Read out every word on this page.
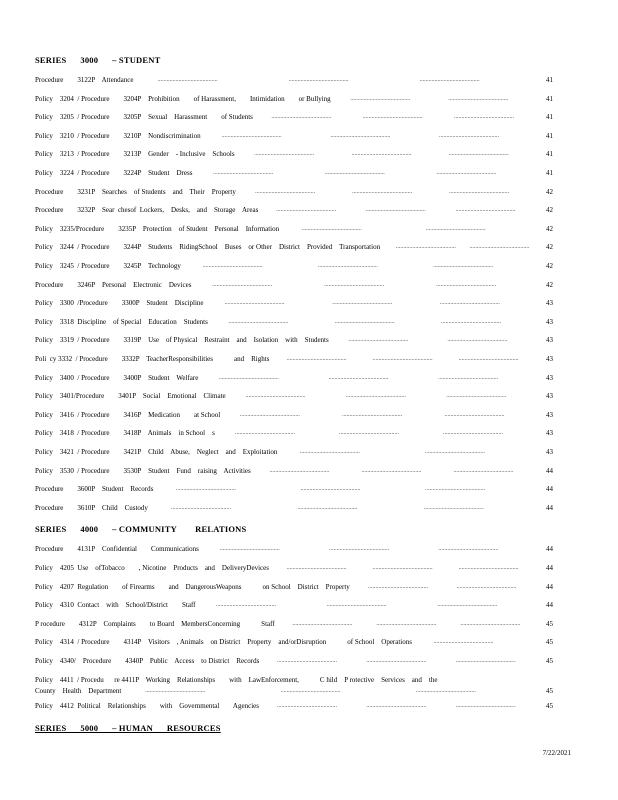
SERIES      3000      – STUDENT
Procedure        3122P    Attendance	41
........................................	........................................	........................................
Policy    3204  / Procedure        3204P    Prohibition        of Harassment,        Intimidation        or Bullying	41
........................................	........................................
Policy    3205  / Procedure        3205P    Sexual    Harassment        of Students	41
........................................	........................................	........................................
Policy    3210  / Procedure        3210P    Nondiscrimination	41
........................................	........................................	........................................
Policy    3213  / Procedure        3213P    Gender    - Inclusive    Schools	41
........................................	........................................	........................................
Policy    3224  / Procedure        3224P    Student    Dress	41
........................................	........................................	........................................
Procedure        3231P    Searches    of Students    and    Their    Property	42
........................................	........................................	........................................
Procedure        3232P    Sear  chesof  Lockers,    Desks,    and    Storage    Areas	42
........................................	........................................	........................................
Policy    3235/Procedure        3235P    Protection    of Student    Personal    Information	42
........................................	........................................
Policy    3244  / Procedure        3244P    Students    RidingSchool    Buses    or Other    District    Provided    Transportation	42
........................................ ........................................
Policy    3245  / Procedure        3245P    Technology	42
........................................	........................................	........................................
Procedure        3246P    Personal    Electronic    Devices	42
........................................	........................................	........................................
Policy    3300  /Procedure        3300P    Student    Discipline	43
........................................	........................................	........................................
Policy    3318  Discipline    of Special    Education    Students	43
........................................	........................................	........................................
Policy    3319  / Procedure        3319P    Use    of Physical    Restraint    and    Isolation    with    Students	43
........................................	........................................
Poli  cy 3332  / Procedure        3332P    TeacherResponsibilities            and    Rights	43
........................................	........................................	........................................
Policy    3400  / Procedure        3400P    Student    Welfare	43
........................................	........................................	........................................
Policy    3401/Procedure        3401P    Social    Emotional    Climate	43
........................................	........................................	........................................
Policy    3416  / Procedure        3416P    Medication        at School	43
........................................	........................................	........................................
Policy    3418  / Procedure        3418P    Animals    in School    s	43
........................................	........................................	........................................
Policy    3421  / Procedure        3421P    Child    Abuse,    Neglect    and    Exploitation	43
........................................	........................................
Policy    3530  / Procedure        3530P    Student    Fund    raising    Activities	44
........................................	........................................	........................................
Procedure        3600P    Student    Records	44
........................................	........................................	........................................
Procedure        3610P    Child    Custody	44
........................................	........................................	........................................
SERIES      4000      – COMMUNITY        RELATIONS
Procedure        4131P    Confidential        Communications	44
........................................	........................................	........................................
Policy    4205  Use    ofTobacco        , Nicotine    Products    and    DeliveryDevices	44
........................................	........................................	........................................
Policy    4207  Regulation        of Firearms        and    DangerousWeapons            on School    District    Property	44
........................................	........................................
Policy    4310  Contact    with    School/District        Staff	44
........................................	........................................	........................................
P rocedure        4312P    Complaints        to Board    MembersConcerning            Staff	45
........................................	........................................	........................................
Policy    4314  / Procedure        4314P    Visitors    , Animals    on District    Property    and/orDisruption            of School    Operations	45
........................................
Policy    4340/    Procedure        4340P    Public    Access    to District    Records	45
........................................	........................................	........................................
Policy    4411  / Procedu      re 4411P    Working    Relationships        with    LawEnforcement,            C hild    P rotective    Services    and    the
County    Health    Department	45
........................................	........................................	........................................
Policy    4412  Political    Relationships        with    Governmental        Agencies	45
........................................	........................................	........................................
SERIES      5000      – HUMAN      RESOURCES
7/22/2021
